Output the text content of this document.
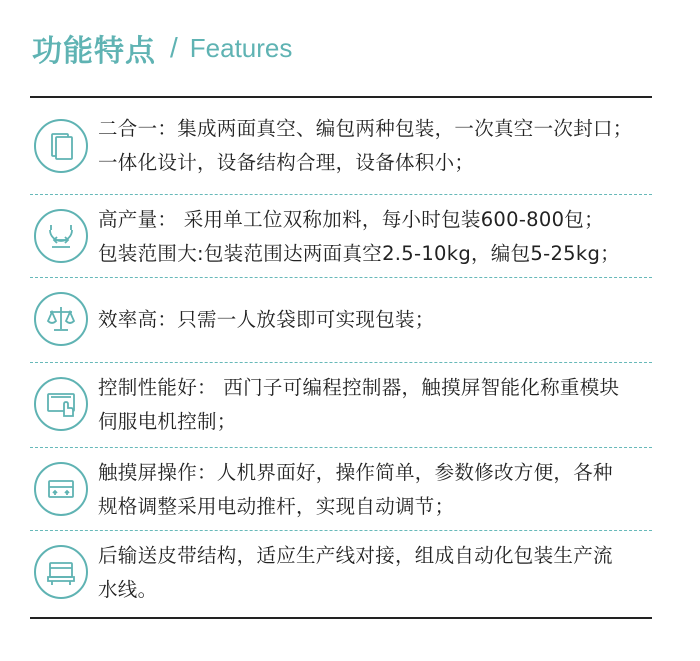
功能特点 / Features
二合一：集成两面真空、编包两种包装，一次真空一次封口；
一体化设计，设备结构合理，设备体积小；
高产量： 采用单工位双称加料，每小时包装600-800包；
包装范围大:包装范围达两面真空2.5-10kg，编包5-25kg；
效率高：只需一人放袋即可实现包装；
控制性能好： 西门子可编程控制器，触摸屏智能化称重模块
伺服电机控制；
触摸屏操作：人机界面好，操作简单，参数修改方便，各种
规格调整采用电动推杆，实现自动调节；
后输送皮带结构，适应生产线对接，组成自动化包装生产流
水线。
